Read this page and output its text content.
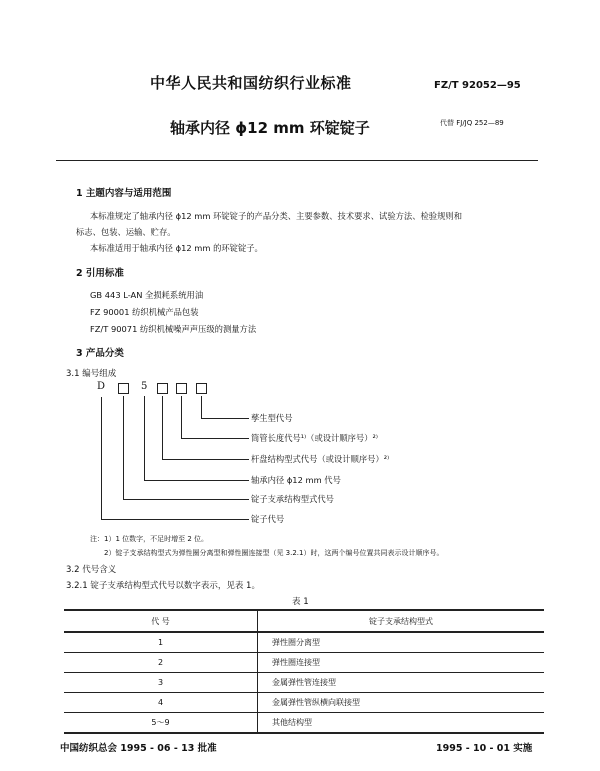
中华人民共和国纺织行业标准	FZ/T 92052—95
轴承内径 ϕ12 mm 环锭锭子	代替 FJ/JQ 252—89
1 主题内容与适用范围
本标准规定了轴承内径 ϕ12 mm 环锭锭子的产品分类、主要参数、技术要求、试验方法、检验规则和
标志、包装、运输、贮存。
本标准适用于轴承内径 ϕ12 mm 的环锭锭子。
2 引用标准
GB 443 L-AN 全损耗系统用油
FZ 90001 纺织机械产品包装
FZ/T 90071 纺织机械噪声声压级的测量方法
3 产品分类
3.1 编号组成
D	5
孳生型代号
筒管长度代号¹⁾（或设计顺序号）²⁾
杆盘结构型式代号（或设计顺序号）²⁾
轴承内径 ϕ12 mm 代号
锭子支承结构型式代号
锭子代号
注：1）1 位数字，不足时增至 2 位。
2）锭子支承结构型式为弹性圈分离型和弹性圈连接型（见 3.2.1）时，这两个编号位置共同表示设计顺序号。
3.2 代号含义
3.2.1 锭子支承结构型式代号以数字表示，见表 1。
表 1
代 号	锭子支承结构型式
1	弹性圈分离型
2	弹性圈连接型
3	金属弹性管连接型
4	金属弹性管纵横向联接型
5～9	其他结构型
中国纺织总会 1995 - 06 - 13 批准	1995 - 10 - 01 实施
